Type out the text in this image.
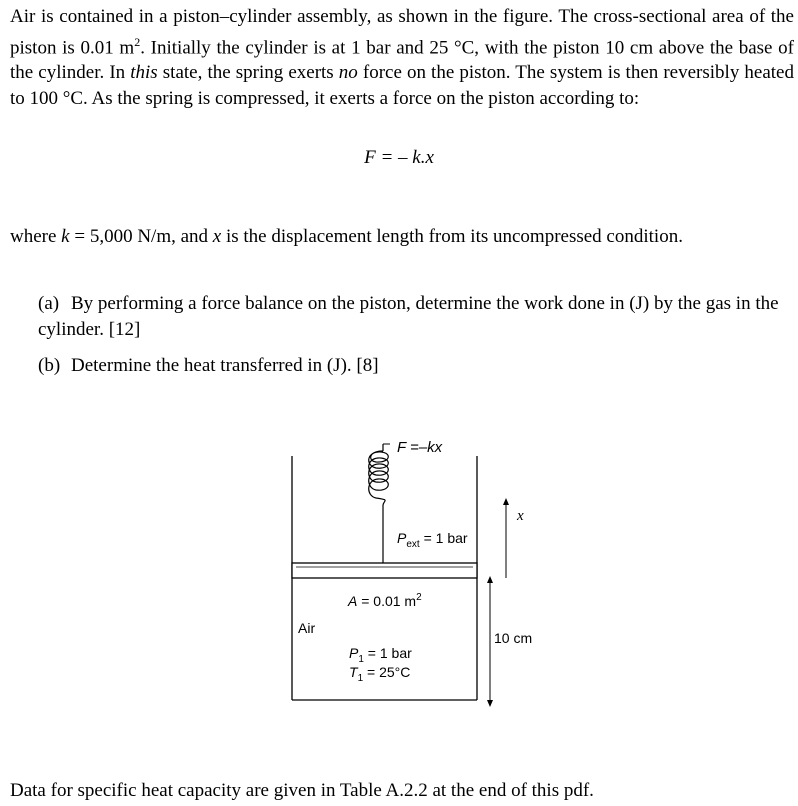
Air is contained in a piston–cylinder assembly, as shown in the figure. The cross-sectional area of the piston is 0.01 $m^2$. Initially the cylinder is at 1 bar and 25 °C, with the piston 10 cm above the base of the cylinder. In this state, the spring exerts no force on the piston. The system is then reversibly heated to 100 °C. As the spring is compressed, it exerts a force on the piston according to:
F = – k.x
where k = 5,000 N/m, and x is the displacement length from its uncompressed condition.
(a) By performing a force balance on the piston, determine the work done in (J) by the gas in the cylinder. [12]
(b) Determine the heat transferred in (J). [8]
F =–kx
$P_{ext} = 1$ bar
A = 0.01 $m^2$
Air
$P_1 = 1$ bar
$T_1 = 25^\circ C$
x
10 cm
Data for specific heat capacity are given in Table A.2.2 at the end of this pdf.
